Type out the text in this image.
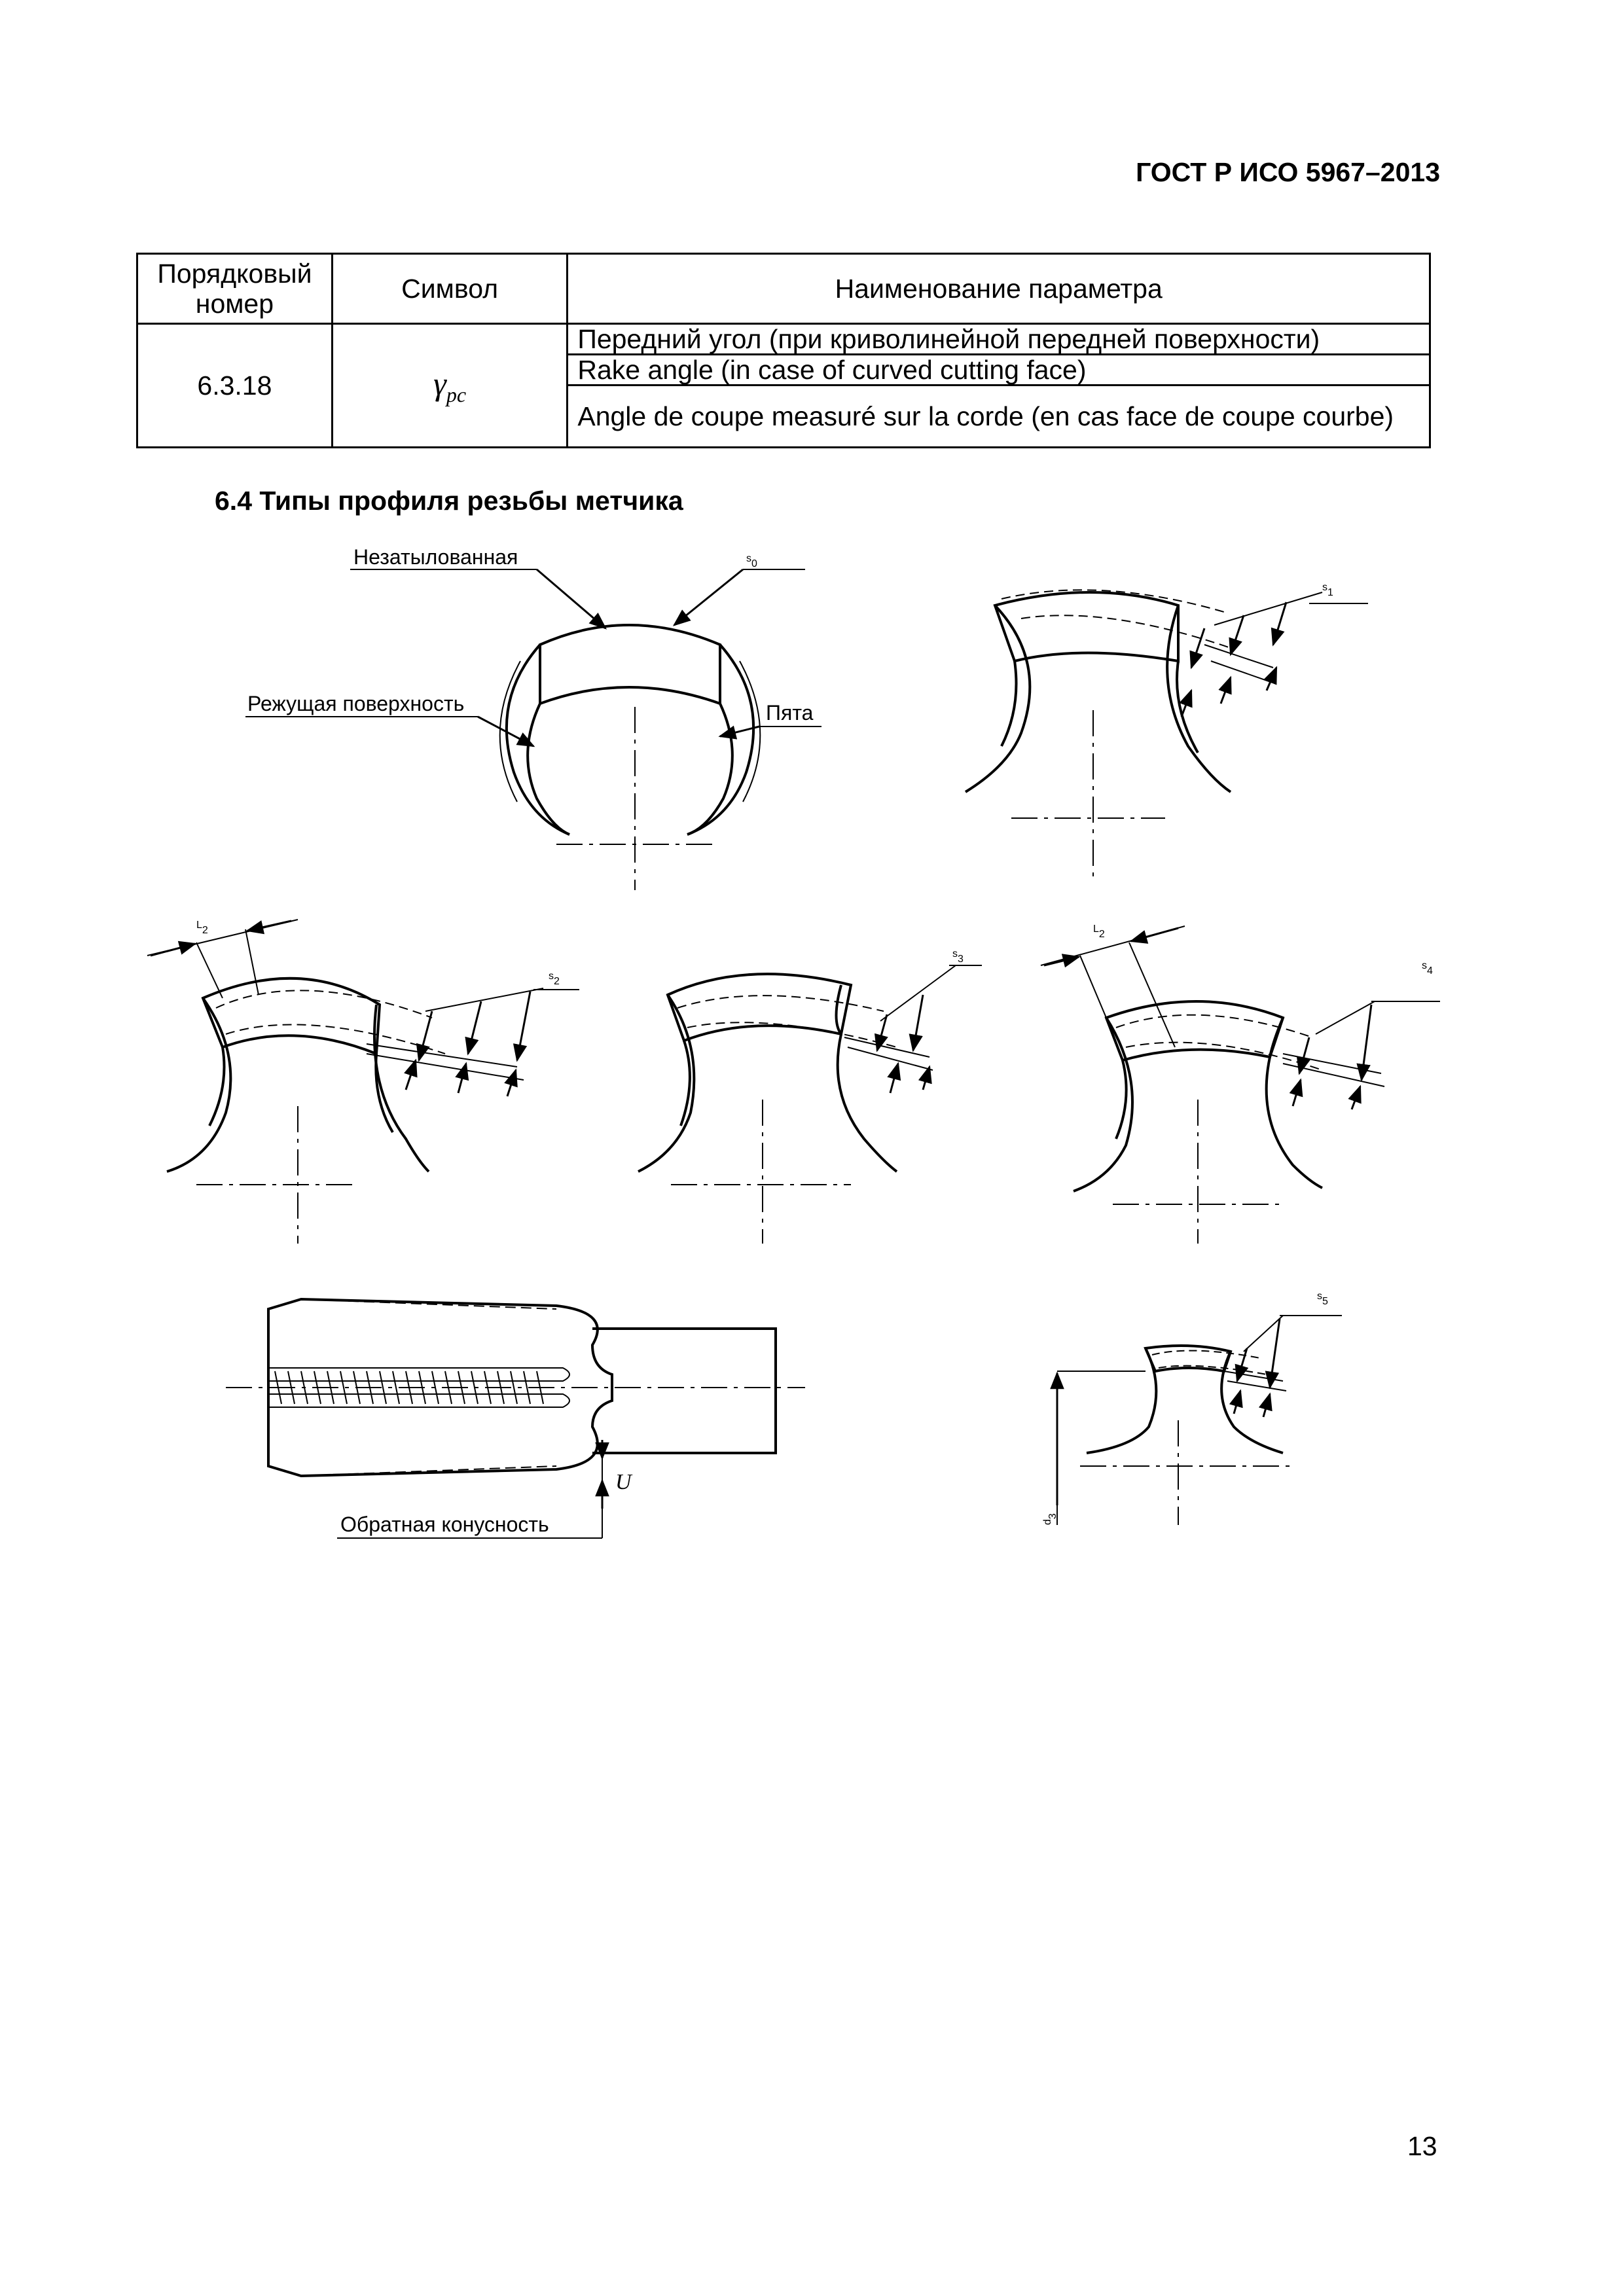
ГОСТ Р ИСО 5967–2013
Порядковый номер	Символ	Наименование параметра
6.3.18	$\gamma_{pc}$	Передний угол (при криволинейной передней поверхности)
		Rake angle (in case of curved cutting face)
		Angle de coupe measuré sur la corde (en cas face de coupe courbe)
6.4 Типы профиля резьбы метчика
Незатылованная
Режущая поверхность	Пята
s0
s1
L2
s2
s3
L2
s4
U
Обратная конусность
s5
d3
13
